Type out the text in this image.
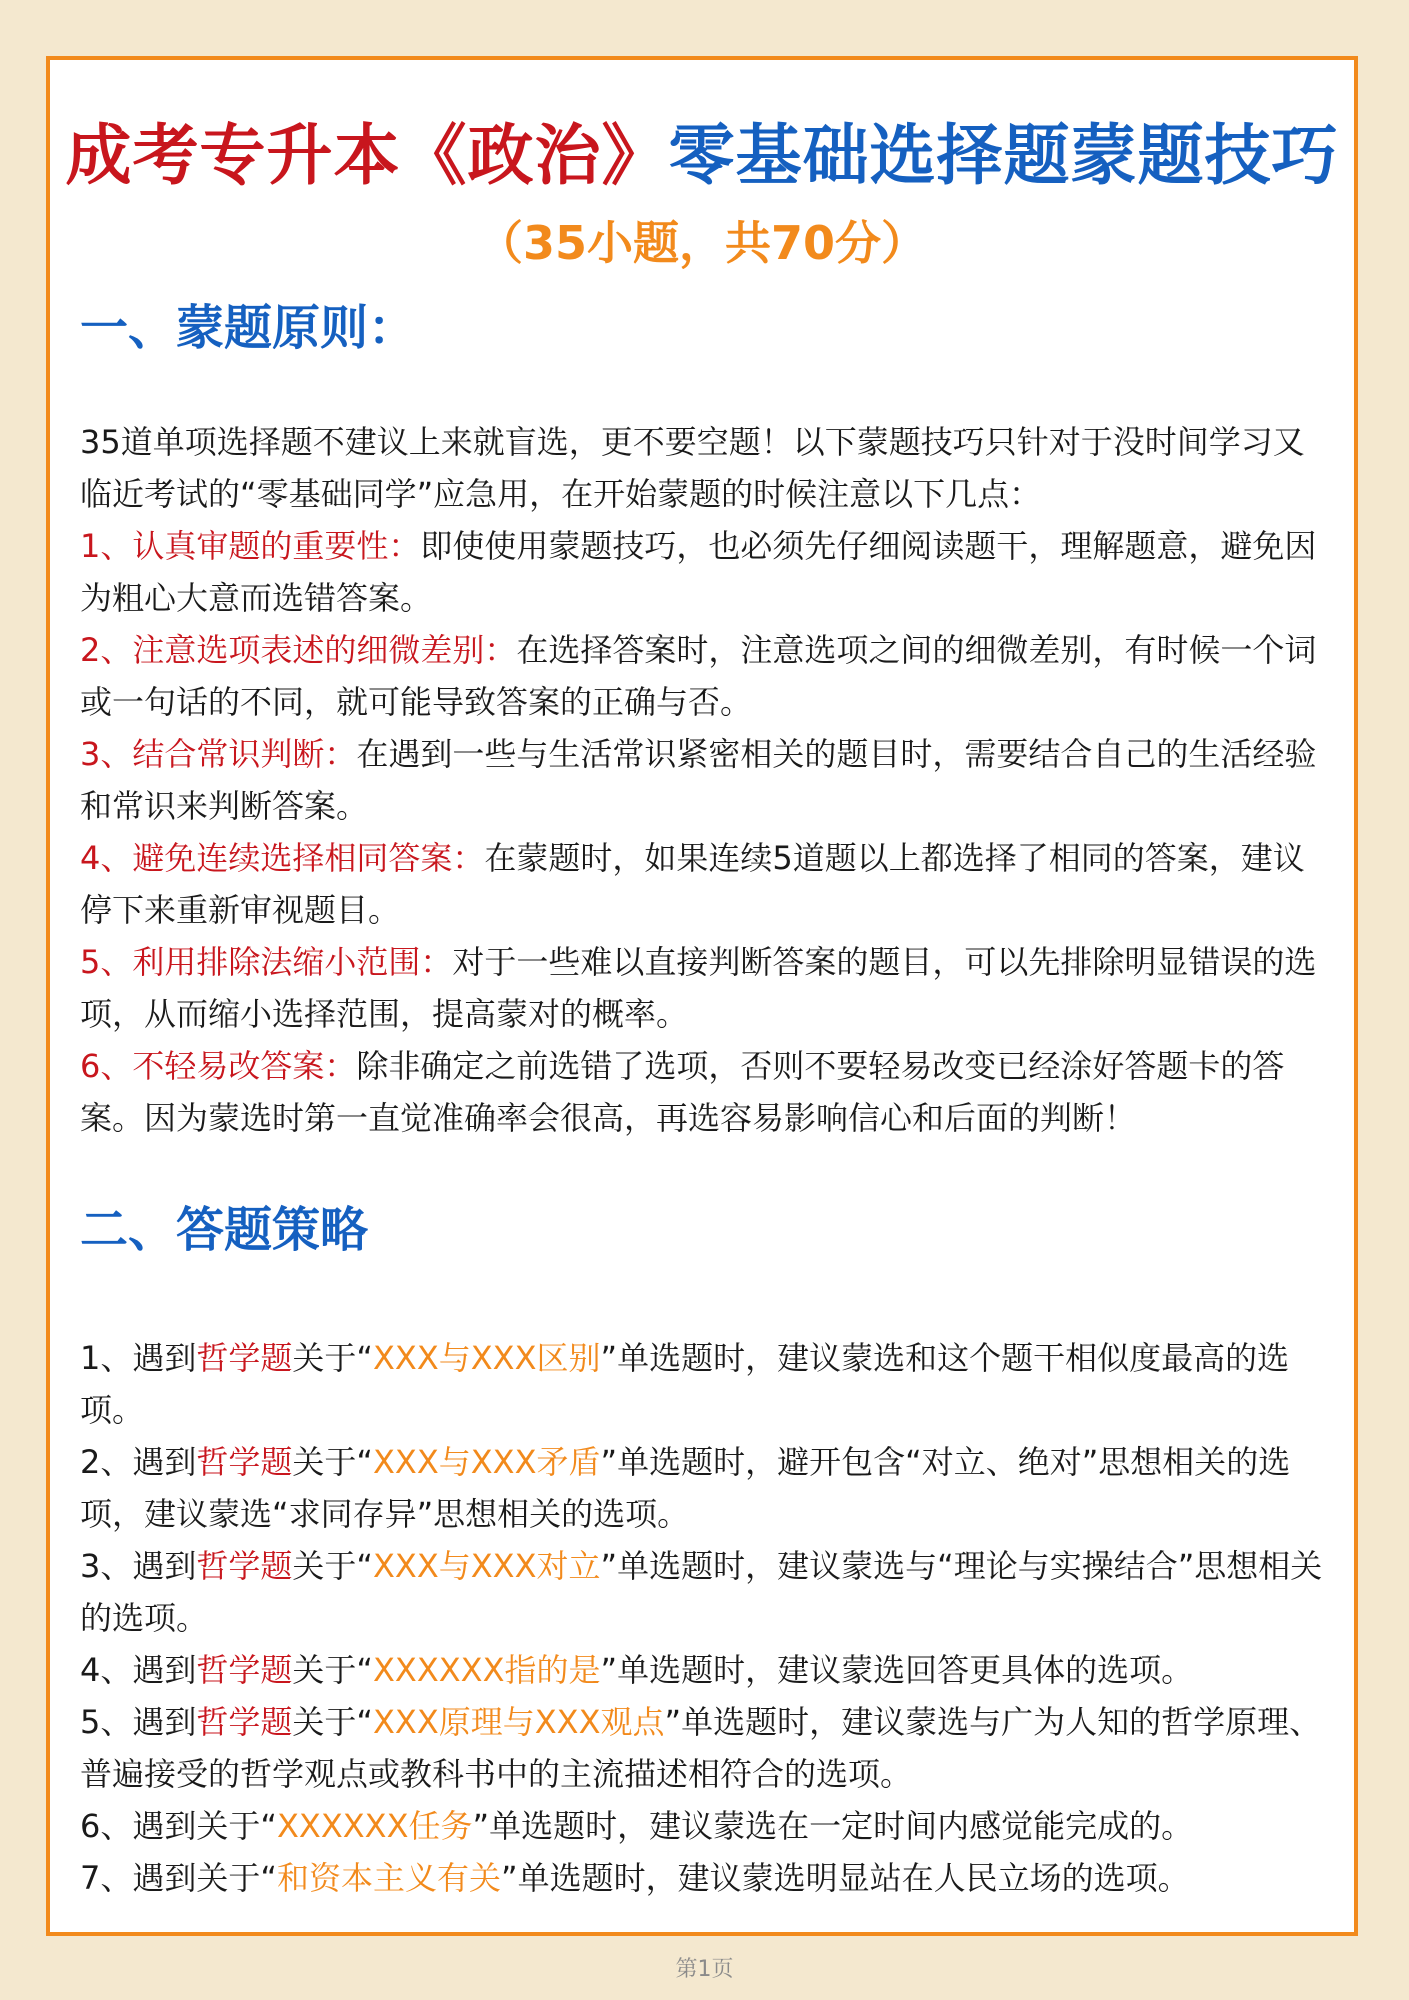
成考专升本《政治》零基础选择题蒙题技巧
（35小题，共70分）
一、蒙题原则：

35道单项选择题不建议上来就盲选，更不要空题！以下蒙题技巧只针对于没时间学习又临近考试的“零基础同学”应急用，在开始蒙题的时候注意以下几点：

1、认真审题的重要性：即使使用蒙题技巧，也必须先仔细阅读题干，理解题意，避免因为粗心大意而选错答案。

2、注意选项表述的细微差别：在选择答案时，注意选项之间的细微差别，有时候一个词或一句话的不同，就可能导致答案的正确与否。

3、结合常识判断：在遇到一些与生活常识紧密相关的题目时，需要结合自己的生活经验和常识来判断答案。

4、避免连续选择相同答案：在蒙题时，如果连续5道题以上都选择了相同的答案，建议停下来重新审视题目。

5、利用排除法缩小范围：对于一些难以直接判断答案的题目，可以先排除明显错误的选项，从而缩小选择范围，提高蒙对的概率。

6、不轻易改答案：除非确定之前选错了选项，否则不要轻易改变已经涂好答题卡的答案。因为蒙选时第一直觉准确率会很高，再选容易影响信心和后面的判断！

二、答题策略

1、遇到哲学题关于“XXX与XXX区别”单选题时，建议蒙选和这个题干相似度最高的选项。

2、遇到哲学题关于“XXX与XXX矛盾”单选题时，避开包含“对立、绝对”思想相关的选项，建议蒙选“求同存异”思想相关的选项。

3、遇到哲学题关于“XXX与XXX对立”单选题时，建议蒙选与“理论与实操结合”思想相关的选项。

4、遇到哲学题关于“XXXXXX指的是”单选题时，建议蒙选回答更具体的选项。

5、遇到哲学题关于“XXX原理与XXX观点”单选题时，建议蒙选与广为人知的哲学原理、普遍接受的哲学观点或教科书中的主流描述相符合的选项。

6、遇到关于“XXXXXX任务”单选题时，建议蒙选在一定时间内感觉能完成的。

7、遇到关于“和资本主义有关”单选题时，建议蒙选明显站在人民立场的选项。

第1页
